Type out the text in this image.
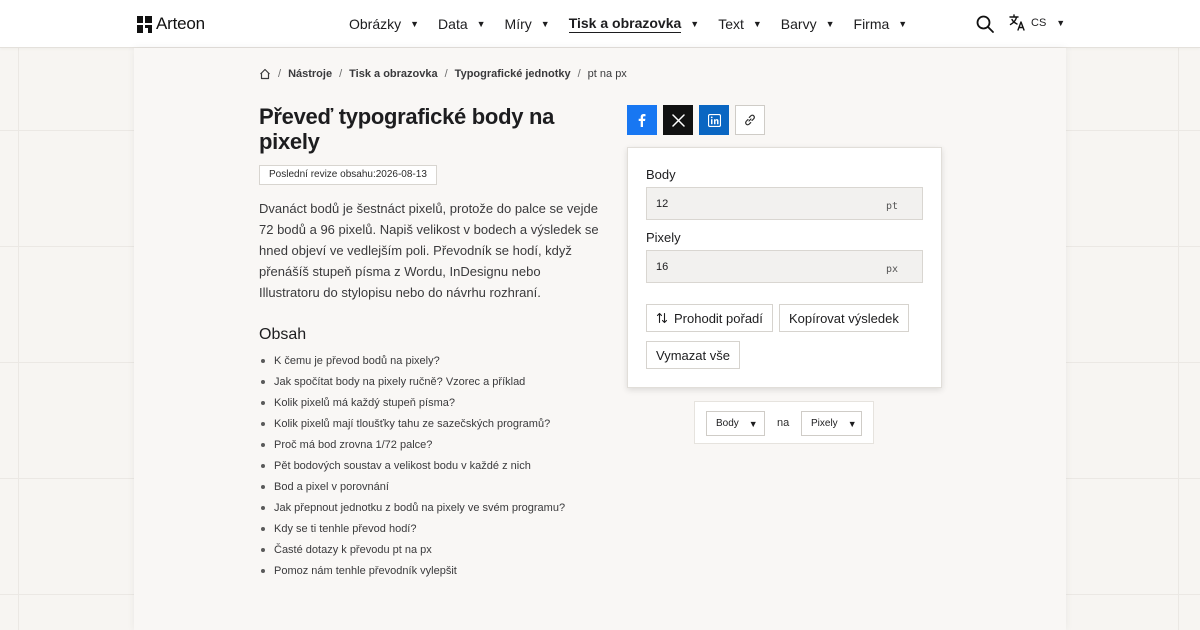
Arteon	Obrázky ▼ Data ▼ Míry ▼ Tisk a obrazovka ▼ Text ▼ Barvy ▼ Firma ▼	CS ▼
/ Nástroje / Tisk a obrazovka / Typografické jednotky / pt na px
Převeď typografické body na pixely
Poslední revize obsahu:2026-08-13

Dvanáct bodů je šestnáct pixelů, protože do palce se vejde 72 bodů a 96 pixelů. Napiš velikost v bodech a výsledek se hned objeví ve vedlejším poli. Převodník se hodí, když přenášíš stupeň písma z Wordu, InDesignu nebo Illustratoru do stylopisu nebo do návrhu rozhraní.

Obsah
K čemu je převod bodů na pixely?
Jak spočítat body na pixely ručně? Vzorec a příklad
Kolik pixelů má každý stupeň písma?
Kolik pixelů mají tloušťky tahu ze sazečských programů?
Proč má bod zrovna 1/72 palce?
Pět bodových soustav a velikost bodu v každé z nich
Bod a pixel v porovnání
Jak přepnout jednotku z bodů na pixely ve svém programu?
Kdy se ti tenhle převod hodí?
Časté dotazy k převodu pt na px
Pomoz nám tenhle převodník vylepšit
Body
12
pt
Pixely
16
px
Prohodit pořadí Kopírovat výsledek
Vymazat vše
Body ▼ na Pixely ▼
